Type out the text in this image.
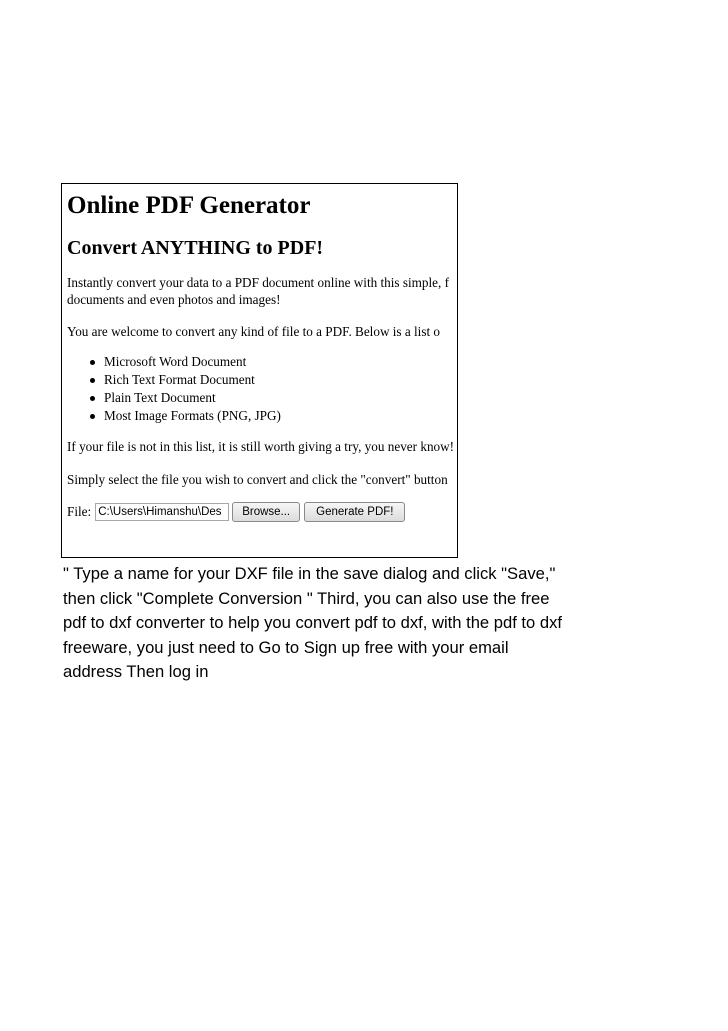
Online PDF Generator
Convert ANYTHING to PDF!

Instantly convert your data to a PDF document online with this simple, f
documents and even photos and images!

You are welcome to convert any kind of file to a PDF. Below is a list o

Microsoft Word Document
Rich Text Format Document
Plain Text Document
Most Image Formats (PNG, JPG)

If your file is not in this list, it is still worth giving a try, you never know!

Simply select the file you wish to convert and click the "convert" button

File: C:\Users\Himanshu\Des	Browse...	Generate PDF!
" Type a name for your DXF file in the save dialog and click "Save,"
then click "Complete Conversion " Third, you can also use the free
pdf to dxf converter to help you convert pdf to dxf, with the pdf to dxf
freeware, you just need to Go to Sign up free with your email
address Then log in
